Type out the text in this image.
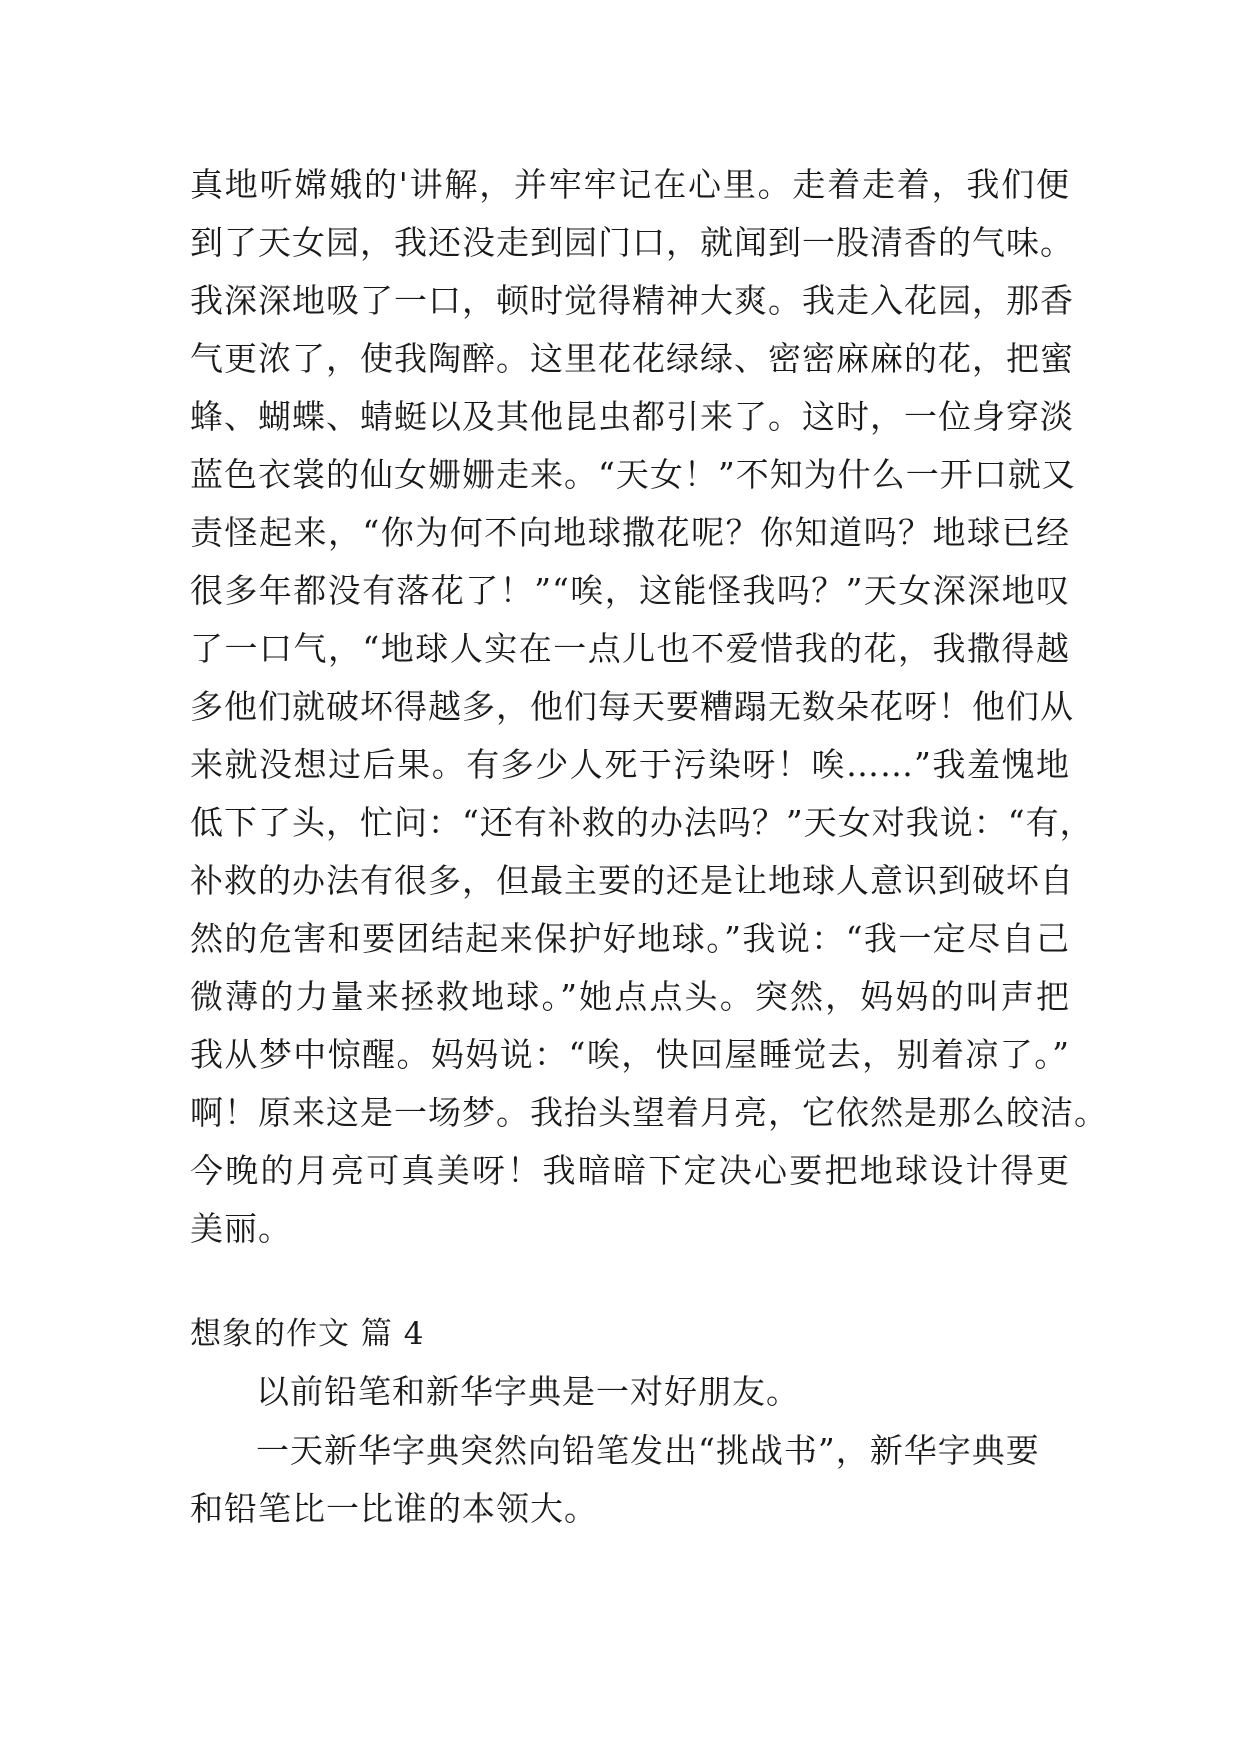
真地听嫦娥的'讲解，并牢牢记在心里。走着走着，我们便
到了天女园，我还没走到园门口，就闻到一股清香的气味。
我深深地吸了一口，顿时觉得精神大爽。我走入花园，那香
气更浓了，使我陶醉。这里花花绿绿、密密麻麻的花，把蜜
蜂、蝴蝶、蜻蜓以及其他昆虫都引来了。这时，一位身穿淡
蓝色衣裳的仙女姗姗走来。“天女！”不知为什么一开口就又
责怪起来，“你为何不向地球撒花呢？你知道吗？地球已经
很多年都没有落花了！”“唉，这能怪我吗？”天女深深地叹
了一口气，“地球人实在一点儿也不爱惜我的花，我撒得越
多他们就破坏得越多，他们每天要糟蹋无数朵花呀！他们从
来就没想过后果。有多少人死于污染呀！唉……”我羞愧地
低下了头，忙问：“还有补救的办法吗？”天女对我说：“有，
补救的办法有很多，但最主要的还是让地球人意识到破坏自
然的危害和要团结起来保护好地球。”我说：“我一定尽自己
微薄的力量来拯救地球。”她点点头。突然，妈妈的叫声把
我从梦中惊醒。妈妈说：“唉，快回屋睡觉去，别着凉了。”
啊！原来这是一场梦。我抬头望着月亮，它依然是那么皎洁。
今晚的月亮可真美呀！我暗暗下定决心要把地球设计得更
美丽。
想象的作文 篇 4
以前铅笔和新华字典是一对好朋友。
一天新华字典突然向铅笔发出“挑战书”，新华字典要
和铅笔比一比谁的本领大。
